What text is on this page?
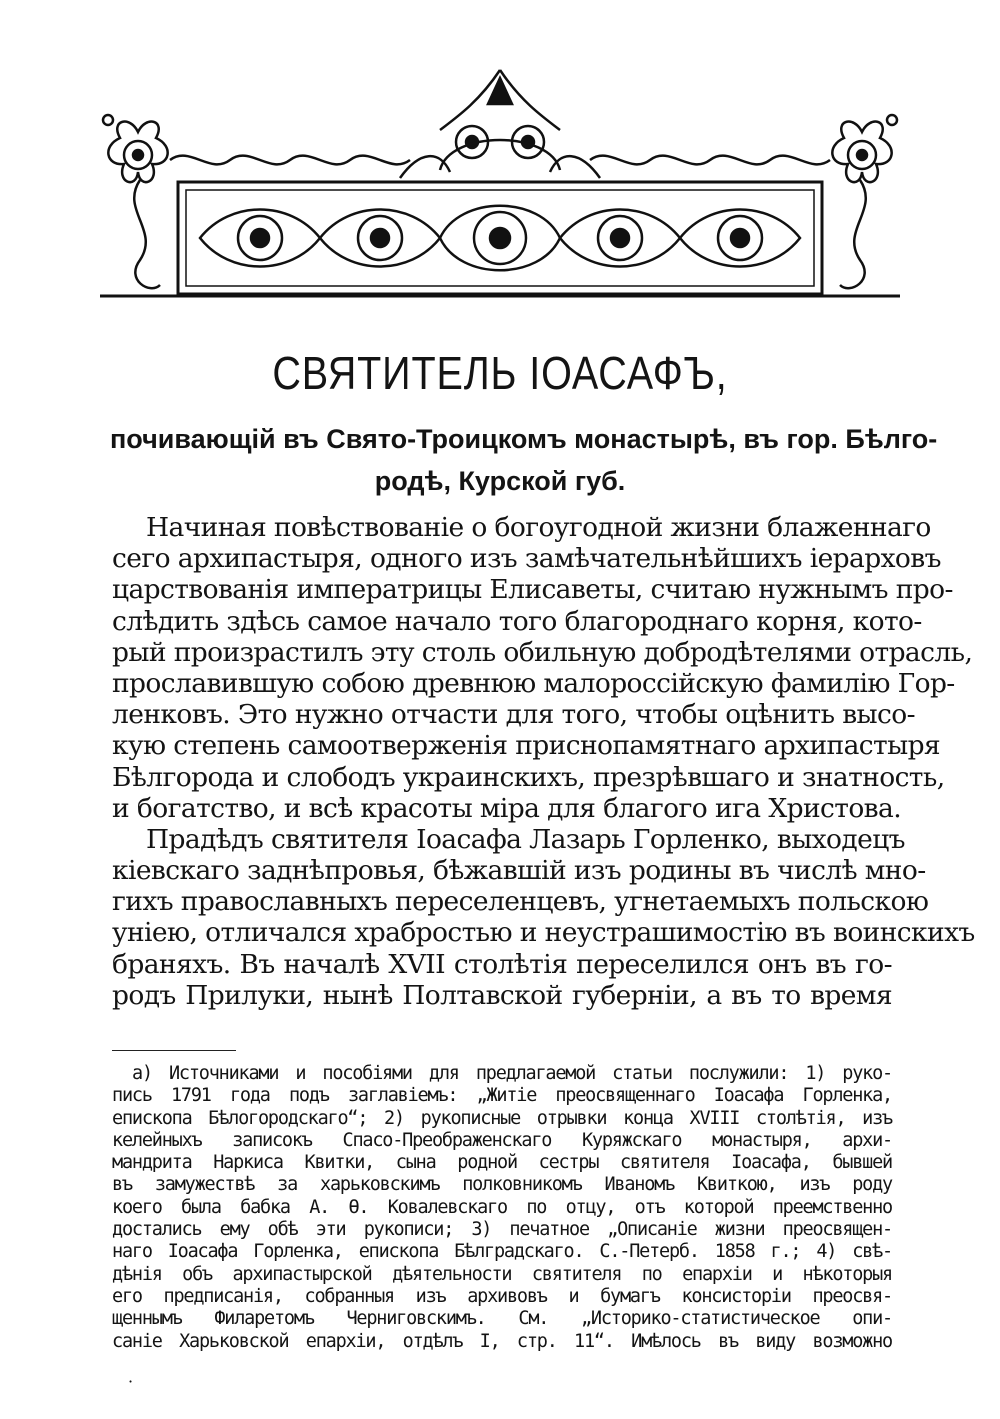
СВЯТИТЕЛЬ ІОАСАФЪ,
почивающій въ Свято-Троицкомъ монастырѣ, въ гор. Бѣлго-
родѣ, Курской губ.
Начиная повѣствованіе о богоугодной жизни блаженнаго
сего архипастыря, одного изъ замѣчательнѣйшихъ іерарховъ
царствованія императрицы Елисаветы, считаю нужнымъ про-
слѣдить здѣсь самое начало того благороднаго корня, кото-
рый произрастилъ эту столь обильную добродѣтелями отрасль,
прославившую собою древнюю малороссійскую фамилію Гор-
ленковъ. Это нужно отчасти для того, чтобы оцѣнить высо-
кую степень самоотверженія приснопамятнаго архипастыря
Бѣлгорода и слободъ украинскихъ, презрѣвшаго и знатность,
и богатство, и всѣ красоты міра для благого ига Христова.
Прадѣдъ святителя Іоасафа Лазарь Горленко, выходецъ
кіевскаго заднѣпровья, бѣжавшій изъ родины въ числѣ мно-
гихъ православныхъ переселенцевъ, угнетаемыхъ польскою
уніею, отличался храбростью и неустрашимостію въ воинскихъ
браняхъ. Въ началѣ XVII столѣтія переселился онъ въ го-
родъ Прилуки, нынѣ Полтавской губерніи, а въ то время
а) Источниками и пособіями для предлагаемой статьи послужили: 1) руко-
пись 1791 года подъ заглавіемъ: „Житіе преосвященнаго Іоасафа Горленка,
епископа Бѣлогородскаго“; 2) рукописные отрывки конца XVIII столѣтія, изъ
келейныхъ записокъ Спасо-Преображенскаго Куряжскаго монастыря, архи-
мандрита Наркиса Квитки, сына родной сестры святителя Іоасафа, бывшей
въ замужествѣ за харьковскимъ полковникомъ Иваномъ Квиткою, изъ роду
коего была бабка А. Ѳ. Ковалевскаго по отцу, отъ которой преемственно
достались ему обѣ эти рукописи; 3) печатное „Описаніе жизни преосвящен-
наго Іоасафа Горленка, епископа Бѣлградскаго. С.-Петерб. 1858 г.; 4) свѣ-
дѣнія объ архипастырской дѣятельности святителя по епархіи и нѣкоторыя
его предписанія, собранныя изъ архивовъ и бумагъ консисторіи преосвя-
щеннымъ Филаретомъ Черниговскимъ. См. „Историко-статистическое опи-
саніе Харьковской епархіи, отдѣлъ I, стр. 11“. Имѣлось въ виду возможно
·
